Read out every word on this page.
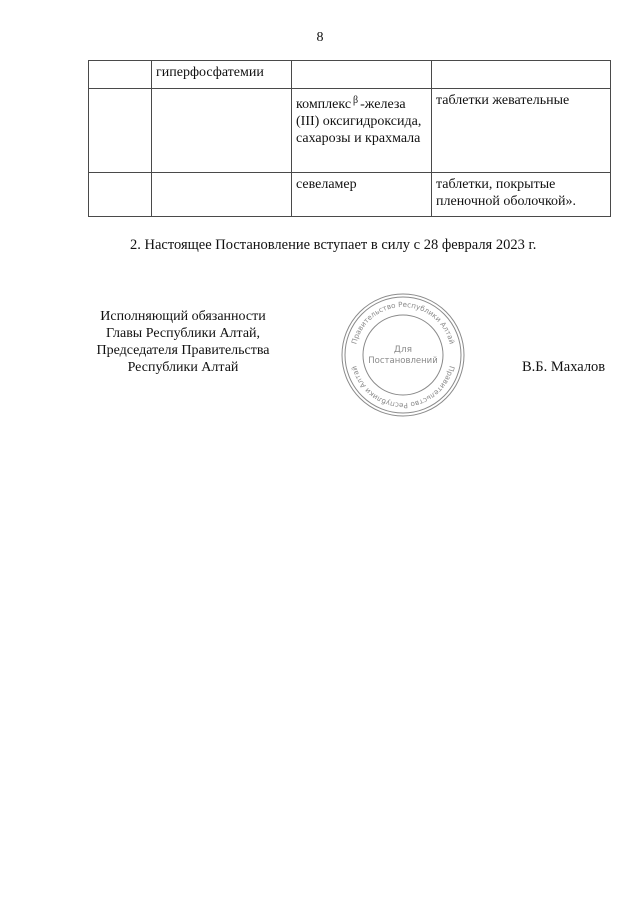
8
	гиперфосфатемии		
		комплекс $^\beta$ -железа (III) оксигидроксида, сахарозы и крахмала	таблетки жевательные
		севеламер	таблетки, покрытые пленочной оболочкой».
2. Настоящее Постановление вступает в силу с 28 февраля 2023 г.
Исполняющий обязанности
Главы Республики Алтай,
Председателя Правительства
Республики Алтай
Правительство Республики Алтай
Правительство Республики Алтай
Для
Постановлений	В.Б. Махалов
